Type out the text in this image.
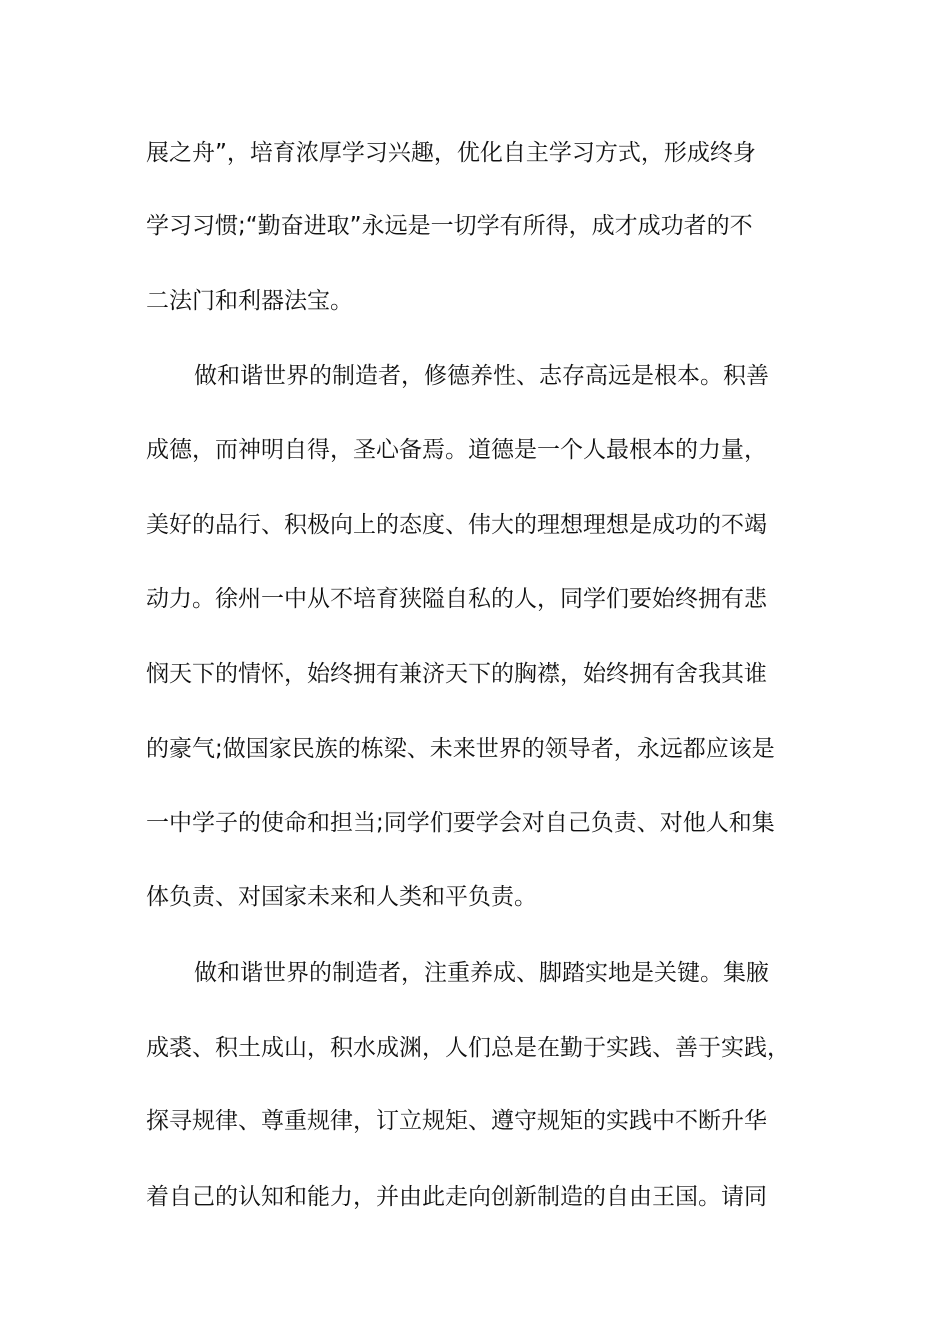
展之舟”，培育浓厚学习兴趣，优化自主学习方式，形成终身
学习习惯;“勤奋进取”永远是一切学有所得，成才成功者的不
二法门和利器法宝。
做和谐世界的制造者，修德养性、志存高远是根本。积善
成德，而神明自得，圣心备焉。道德是一个人最根本的力量，
美好的品行、积极向上的态度、伟大的理想理想是成功的不竭
动力。徐州一中从不培育狭隘自私的人，同学们要始终拥有悲
悯天下的情怀，始终拥有兼济天下的胸襟，始终拥有舍我其谁
的豪气;做国家民族的栋梁、未来世界的领导者，永远都应该是
一中学子的使命和担当;同学们要学会对自己负责、对他人和集
体负责、对国家未来和人类和平负责。
做和谐世界的制造者，注重养成、脚踏实地是关键。集腋
成裘、积土成山，积水成渊，人们总是在勤于实践、善于实践，
探寻规律、尊重规律，订立规矩、遵守规矩的实践中不断升华
着自己的认知和能力，并由此走向创新制造的自由王国。请同
